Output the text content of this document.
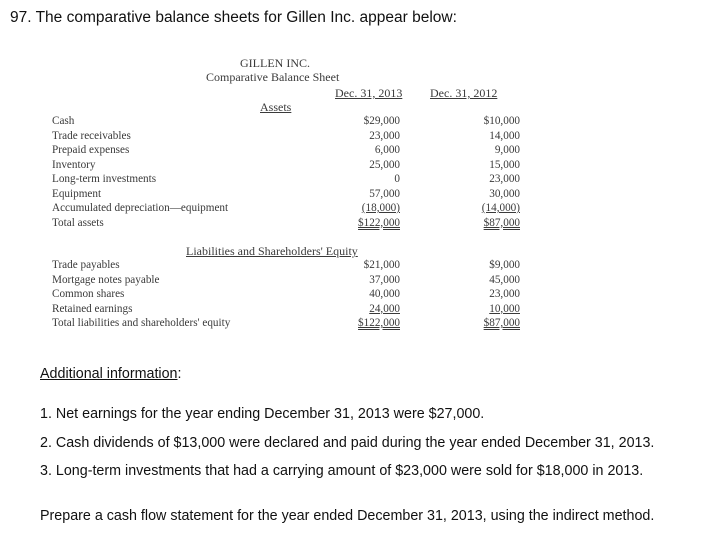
97. The comparative balance sheets for Gillen Inc. appear below:
GILLEN INC.
Comparative Balance Sheet
Dec. 31, 2013 Dec. 31, 2012
Assets
Cash	$29,000	$10,000
Trade receivables	23,000	14,000
Prepaid expenses	6,000	9,000
Inventory	25,000	15,000
Long-term investments	0	23,000
Equipment	57,000	30,000
Accumulated depreciation—equipment	(18,000)	(14,000)
Total assets	$122,000	$87,000
Liabilities and Shareholders' Equity
Trade payables	$21,000	$9,000
Mortgage notes payable	37,000	45,000
Common shares	40,000	23,000
Retained earnings	24,000	10,000
Total liabilities and shareholders' equity	$122,000	$87,000
Additional information:
1. Net earnings for the year ending December 31, 2013 were $27,000.
2. Cash dividends of $13,000 were declared and paid during the year ended December 31, 2013.
3. Long-term investments that had a carrying amount of $23,000 were sold for $18,000 in 2013.
Prepare a cash flow statement for the year ended December 31, 2013, using the indirect method.
